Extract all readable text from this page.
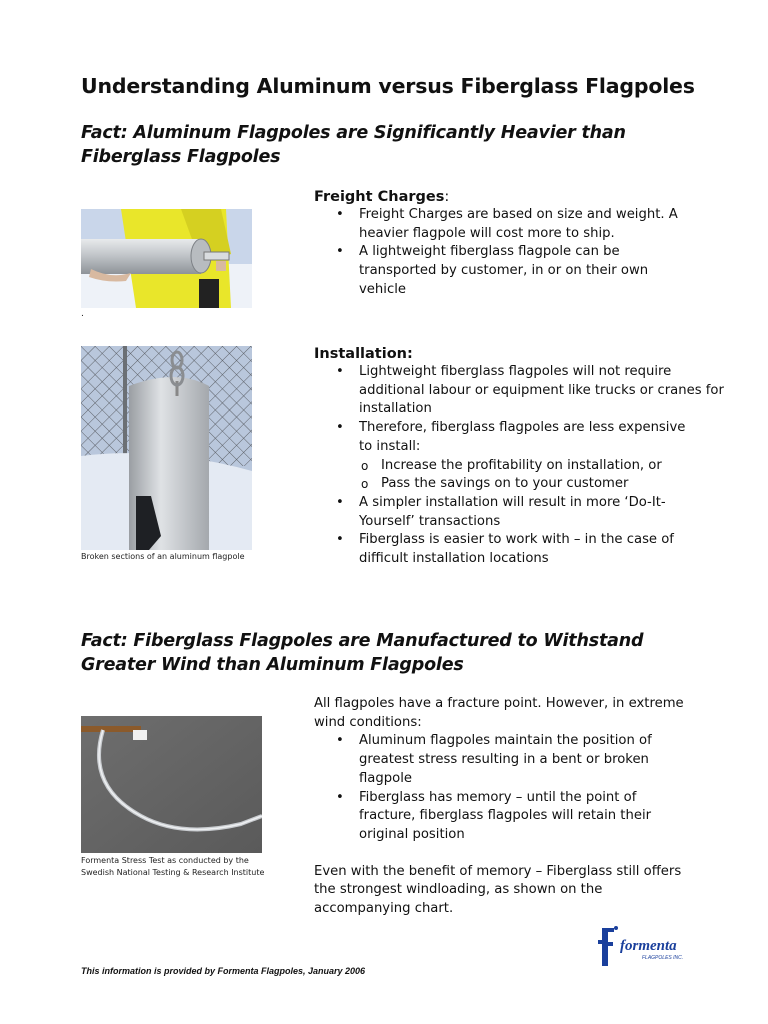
Understanding Aluminum versus Fiberglass Flagpoles

Fact: Aluminum Flagpoles are Significantly Heavier than Fiberglass Flagpoles

.
Freight Charges:
• Freight Charges are based on size and weight. A heavier flagpole will cost more to ship.
• A lightweight fiberglass flagpole can be transported by customer, in or on their own vehicle
Broken sections of an aluminum flagpole
Installation:
• Lightweight fiberglass flagpoles will not require additional labour or equipment like trucks or cranes for installation
• Therefore, fiberglass flagpoles are less expensive to install:
o Increase the profitability on installation, or
o Pass the savings on to your customer
• A simpler installation will result in more ‘Do-It-Yourself’ transactions
• Fiberglass is easier to work with – in the case of difficult installation locations

Fact: Fiberglass Flagpoles are Manufactured to Withstand Greater Wind than Aluminum Flagpoles

Formenta Stress Test as conducted by the Swedish National Testing & Research Institute
All flagpoles have a fracture point. However, in extreme wind conditions:
• Aluminum flagpoles maintain the position of greatest stress resulting in a bent or broken flagpole
• Fiberglass has memory – until the point of fracture, fiberglass flagpoles will retain their original position
Even with the benefit of memory – Fiberglass still offers the strongest windloading, as shown on the accompanying chart.
formenta
FLAGPOLES INC.
This information is provided by Formenta Flagpoles, January 2006
